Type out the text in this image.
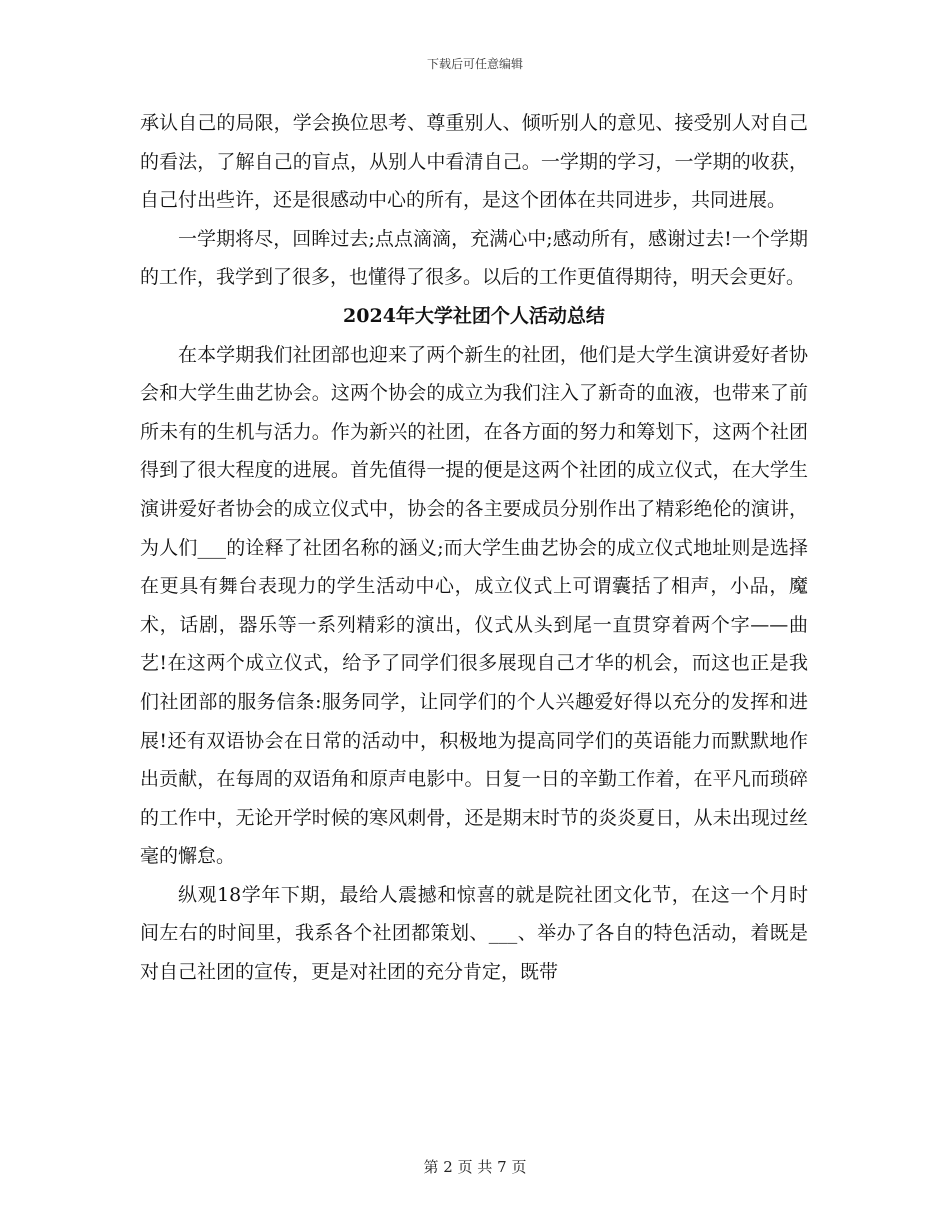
下载后可任意编辑

承认自己的局限，学会换位思考、尊重别人、倾听别人的意见、接受别人对自己的看法，了解自己的盲点，从别人中看清自己。一学期的学习，一学期的收获，自己付出些许，还是很感动中心的所有，是这个团体在共同进步，共同进展。

一学期将尽，回眸过去;点点滴滴，充满心中;感动所有，感谢过去!一个学期的工作，我学到了很多，也懂得了很多。以后的工作更值得期待，明天会更好。

2024年大学社团个人活动总结

在本学期我们社团部也迎来了两个新生的社团，他们是大学生演讲爱好者协会和大学生曲艺协会。这两个协会的成立为我们注入了新奇的血液，也带来了前所未有的生机与活力。作为新兴的社团，在各方面的努力和筹划下，这两个社团得到了很大程度的进展。首先值得一提的便是这两个社团的成立仪式，在大学生演讲爱好者协会的成立仪式中，协会的各主要成员分别作出了精彩绝伦的演讲，为人们___的诠释了社团名称的涵义;而大学生曲艺协会的成立仪式地址则是选择在更具有舞台表现力的学生活动中心，成立仪式上可谓囊括了相声，小品，魔术，话剧，器乐等一系列精彩的演出，仪式从头到尾一直贯穿着两个字——曲艺!在这两个成立仪式，给予了同学们很多展现自己才华的机会，而这也正是我们社团部的服务信条:服务同学，让同学们的个人兴趣爱好得以充分的发挥和进展!还有双语协会在日常的活动中，积极地为提高同学们的英语能力而默默地作出贡献，在每周的双语角和原声电影中。日复一日的辛勤工作着，在平凡而琐碎的工作中，无论开学时候的寒风刺骨，还是期末时节的炎炎夏日，从未出现过丝毫的懈怠。

纵观18学年下期，最给人震撼和惊喜的就是院社团文化节，在这一个月时间左右的时间里，我系各个社团都策划、___、举办了各自的特色活动，着既是对自己社团的宣传，更是对社团的充分肯定，既带

第 2 页 共 7 页
